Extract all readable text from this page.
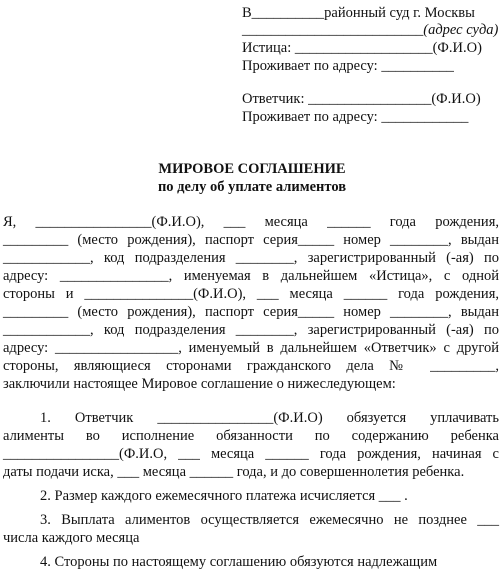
В__________районный суд г. Москвы
_________________________(адрес суда)
Истица: ___________________(Ф.И.О)
Проживает по адресу: __________
Ответчик: _________________(Ф.И.О)
Проживает по адресу: ____________
МИРОВОЕ СОГЛАШЕНИЕ
по делу об уплате алиментов
Я, ________________(Ф.И.О), ___ месяца ______ года рождения,
_________ (место рождения), паспорт серия_____ номер ________, выдан
____________, код подразделения ________, зарегистрированный (-ая) по
адресу: _______________, именуемая в дальнейшем «Истица», с одной
стороны и _______________(Ф.И.О), ___ месяца ______ года рождения,
_________ (место рождения), паспорт серия_____ номер ________, выдан
____________, код подразделения ________, зарегистрированный (-ая) по
адресу: _________________, именуемый в дальнейшем «Ответчик» с другой
стороны, являющиеся сторонами гражданского дела № _________,
заключили настоящее Мировое соглашение о нижеследующем:
1. Ответчик ________________(Ф.И.О) обязуется уплачивать
алименты во исполнение обязанности по содержанию ребенка
________________(Ф.И.О, ___ месяца ______ года рождения, начиная с
даты подачи иска, ___ месяца ______ года, и до совершеннолетия ребенка.
2. Размер каждого ежемесячного платежа исчисляется ___ .
3. Выплата алиментов осуществляется ежемесячно не позднее ___
числа каждого месяца
4. Стороны по настоящему соглашению обязуются надлежащим
